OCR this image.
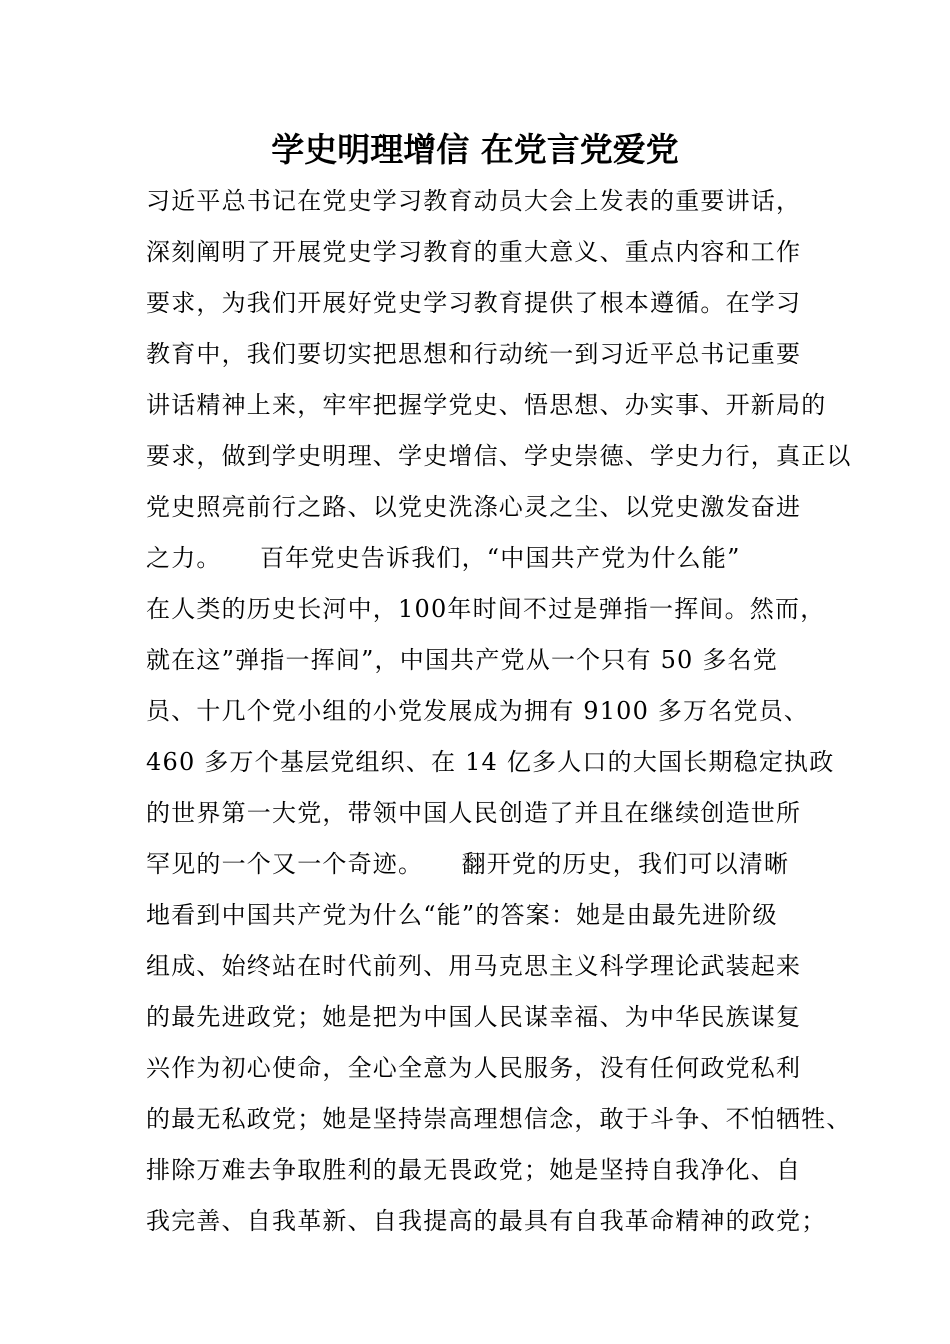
学史明理增信 在党言党爱党
习近平总书记在党史学习教育动员大会上发表的重要讲话，
深刻阐明了开展党史学习教育的重大意义、重点内容和工作
要求，为我们开展好党史学习教育提供了根本遵循。在学习
教育中，我们要切实把思想和行动统一到习近平总书记重要
讲话精神上来，牢牢把握学党史、悟思想、办实事、开新局的
要求，做到学史明理、学史增信、学史崇德、学史力行，真正以
党史照亮前行之路、以党史洗涤心灵之尘、以党史激发奋进
之力。　　百年党史告诉我们，“中国共产党为什么能”
在人类的历史长河中，100年时间不过是弹指一挥间。然而，
就在这”弹指一挥间”，中国共产党从一个只有 50 多名党
员、十几个党小组的小党发展成为拥有 9100 多万名党员、
460 多万个基层党组织、在 14 亿多人口的大国长期稳定执政
的世界第一大党，带领中国人民创造了并且在继续创造世所
罕见的一个又一个奇迹。　　翻开党的历史，我们可以清晰
地看到中国共产党为什么“能”的答案：她是由最先进阶级
组成、始终站在时代前列、用马克思主义科学理论武装起来
的最先进政党；她是把为中国人民谋幸福、为中华民族谋复
兴作为初心使命，全心全意为人民服务，没有任何政党私利
的最无私政党；她是坚持崇高理想信念，敢于斗争、不怕牺牲、
排除万难去争取胜利的最无畏政党；她是坚持自我净化、自
我完善、自我革新、自我提高的最具有自我革命精神的政党；
